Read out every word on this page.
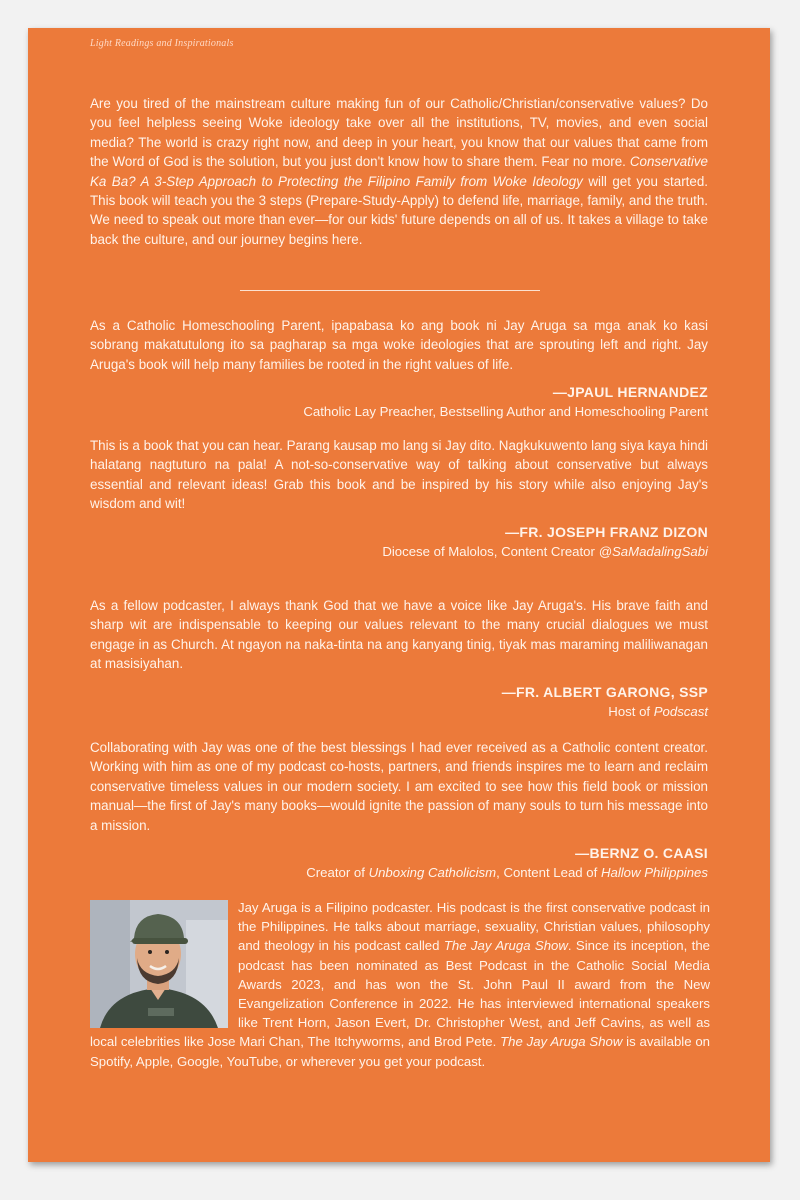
Light Readings and Inspirationals
Are you tired of the mainstream culture making fun of our Catholic/Christian/conservative values? Do you feel helpless seeing Woke ideology take over all the institutions, TV, movies, and even social media? The world is crazy right now, and deep in your heart, you know that our values that came from the Word of God is the solution, but you just don't know how to share them. Fear no more. Conservative Ka Ba? A 3-Step Approach to Protecting the Filipino Family from Woke Ideology will get you started. This book will teach you the 3 steps (Prepare-Study-Apply) to defend life, marriage, family, and the truth. We need to speak out more than ever—for our kids' future depends on all of us. It takes a village to take back the culture, and our journey begins here.
As a Catholic Homeschooling Parent, ipapabasa ko ang book ni Jay Aruga sa mga anak ko kasi sobrang makatutulong ito sa pagharap sa mga woke ideologies that are sprouting left and right. Jay Aruga's book will help many families be rooted in the right values of life.
—JPAUL HERNANDEZ
Catholic Lay Preacher, Bestselling Author and Homeschooling Parent
This is a book that you can hear. Parang kausap mo lang si Jay dito. Nagkukuwento lang siya kaya hindi halatang nagtuturo na pala! A not-so-conservative way of talking about conservative but always essential and relevant ideas! Grab this book and be inspired by his story while also enjoying Jay's wisdom and wit!
—FR. JOSEPH FRANZ DIZON
Diocese of Malolos, Content Creator @SaMadalingSabi
As a fellow podcaster, I always thank God that we have a voice like Jay Aruga's. His brave faith and sharp wit are indispensable to keeping our values relevant to the many crucial dialogues we must engage in as Church. At ngayon na naka-tinta na ang kanyang tinig, tiyak mas maraming maliliwanagan at masisiyahan.
—FR. ALBERT GARONG, SSP
Host of Podscast
Collaborating with Jay was one of the best blessings I had ever received as a Catholic content creator. Working with him as one of my podcast co-hosts, partners, and friends inspires me to learn and reclaim conservative timeless values in our modern society. I am excited to see how this field book or mission manual—the first of Jay's many books—would ignite the passion of many souls to turn his message into a mission.
—BERNZ O. CAASI
Creator of Unboxing Catholicism, Content Lead of Hallow Philippines
Jay Aruga is a Filipino podcaster. His podcast is the first conservative podcast in the Philippines. He talks about marriage, sexuality, Christian values, philosophy and theology in his podcast called The Jay Aruga Show. Since its inception, the podcast has been nominated as Best Podcast in the Catholic Social Media Awards 2023, and has won the St. John Paul II award from the New Evangelization Conference in 2022. He has interviewed international speakers like Trent Horn, Jason Evert, Dr. Christopher West, and Jeff Cavins, as well as local celebrities like Jose Mari Chan, The Itchyworms, and Brod Pete. The Jay Aruga Show is available on Spotify, Apple, Google, YouTube, or wherever you get your podcast.
